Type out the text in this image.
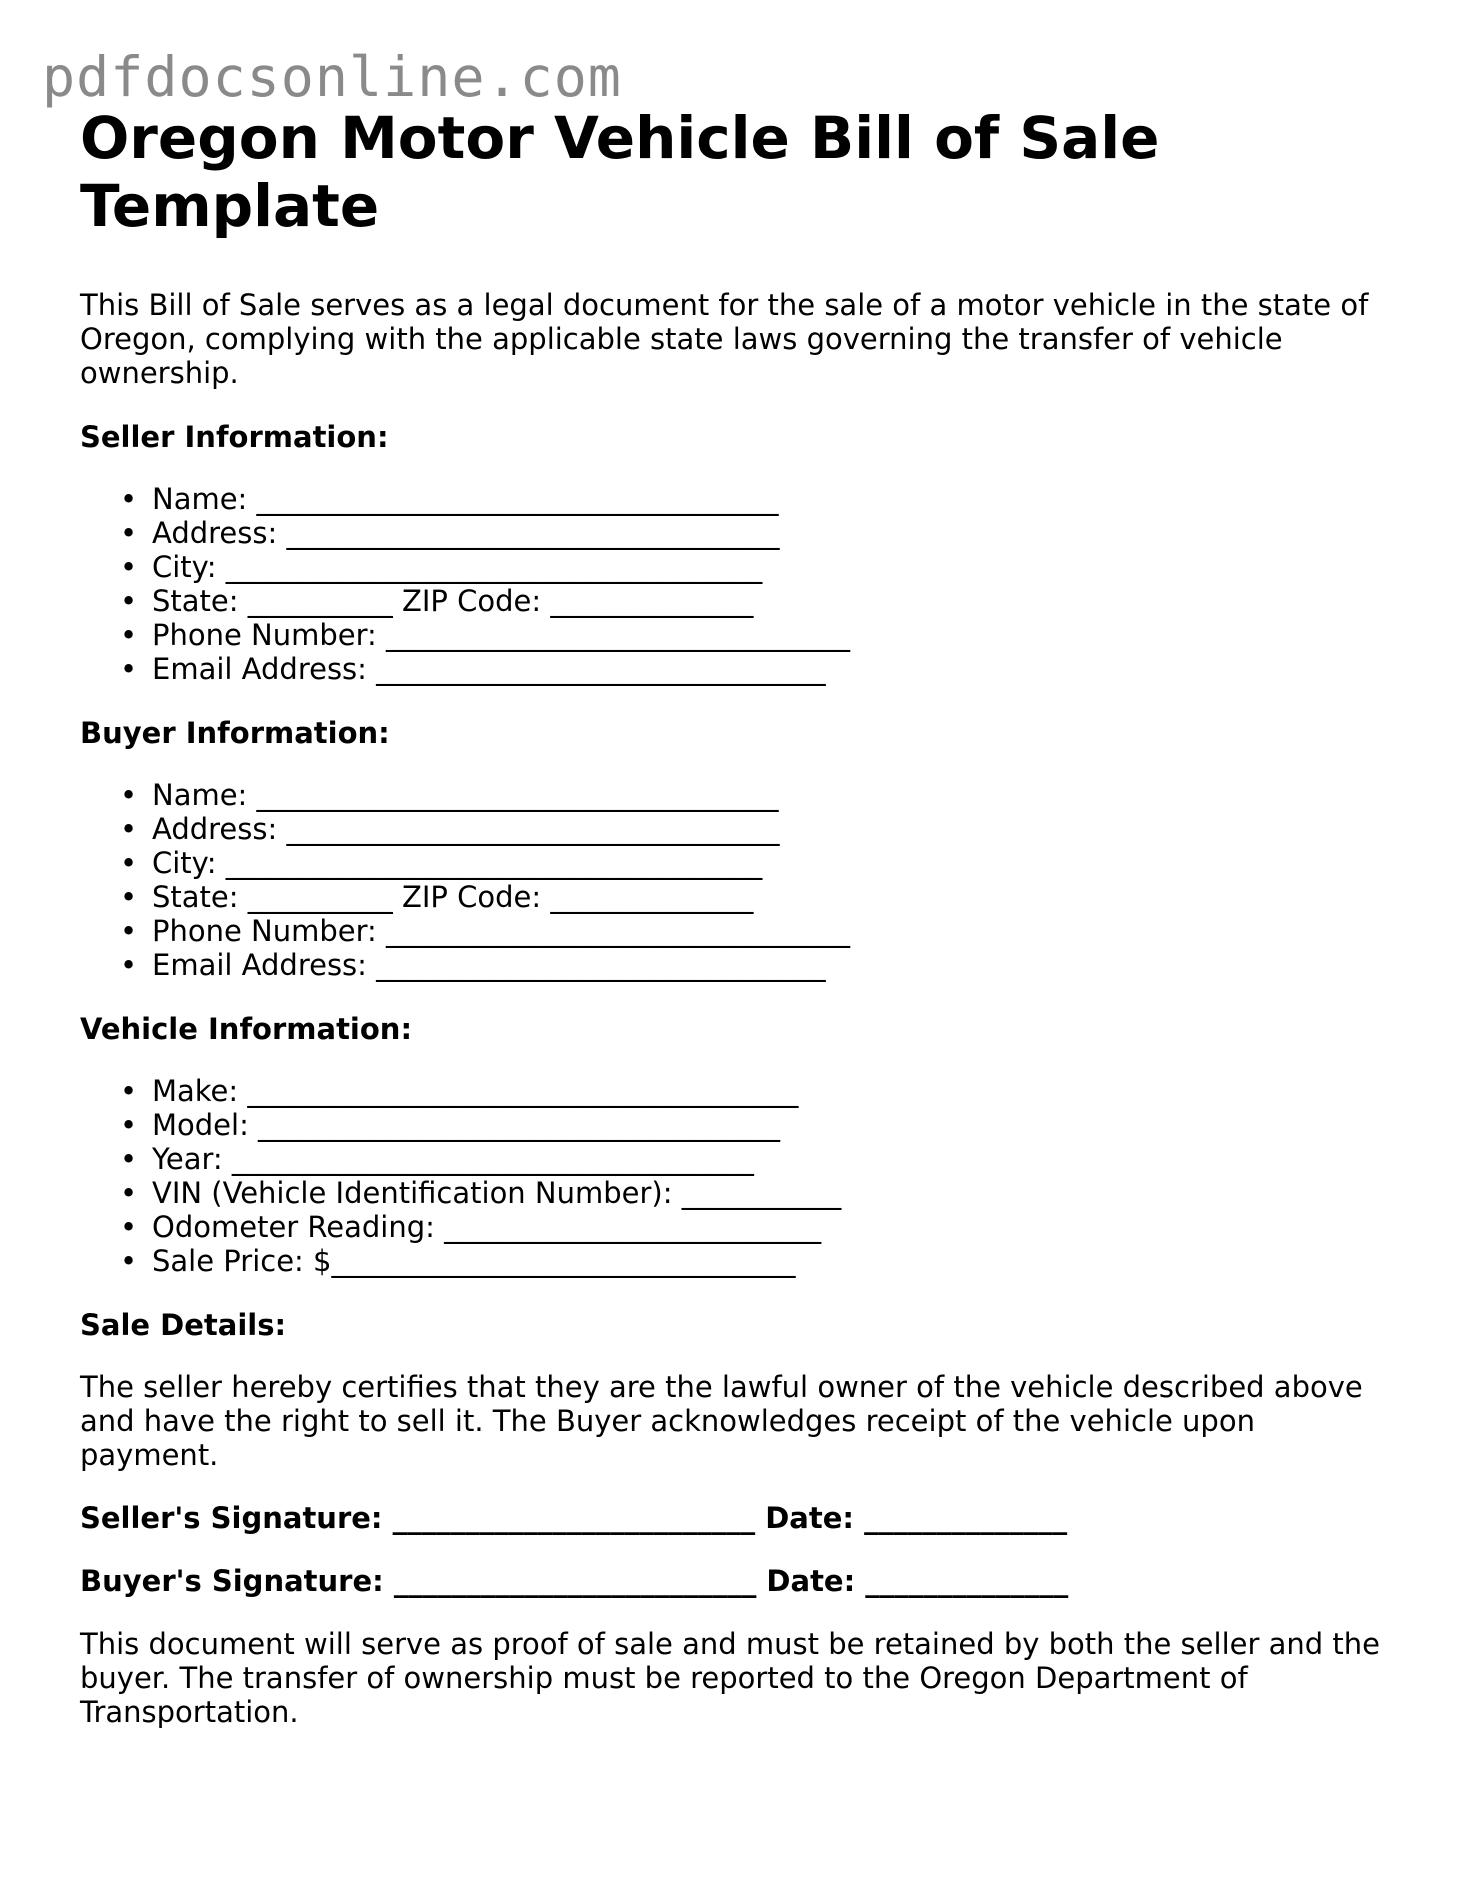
pdfdocsonline.com
Oregon Motor Vehicle Bill of Sale Template

This Bill of Sale serves as a legal document for the sale of a motor vehicle in the state of Oregon, complying with the applicable state laws governing the transfer of vehicle ownership.

Seller Information:
• Name: ____________________________________
• Address: __________________________________
• City: _____________________________________
• State: __________ ZIP Code: ______________
• Phone Number: ________________________________
• Email Address: _______________________________
Buyer Information:
• Name: ____________________________________
• Address: __________________________________
• City: _____________________________________
• State: __________ ZIP Code: ______________
• Phone Number: ________________________________
• Email Address: _______________________________
Vehicle Information:
• Make: ______________________________________
• Model: ____________________________________
• Year: ____________________________________
• VIN (Vehicle Identification Number): ___________
• Odometer Reading: __________________________
• Sale Price: $________________________________
Sale Details:

The seller hereby certifies that they are the lawful owner of the vehicle described above and have the right to sell it. The Buyer acknowledges receipt of the vehicle upon payment.

Seller's Signature: _________________________ Date: ______________
Buyer's Signature: _________________________ Date: ______________

This document will serve as proof of sale and must be retained by both the seller and the buyer. The transfer of ownership must be reported to the Oregon Department of Transportation.
